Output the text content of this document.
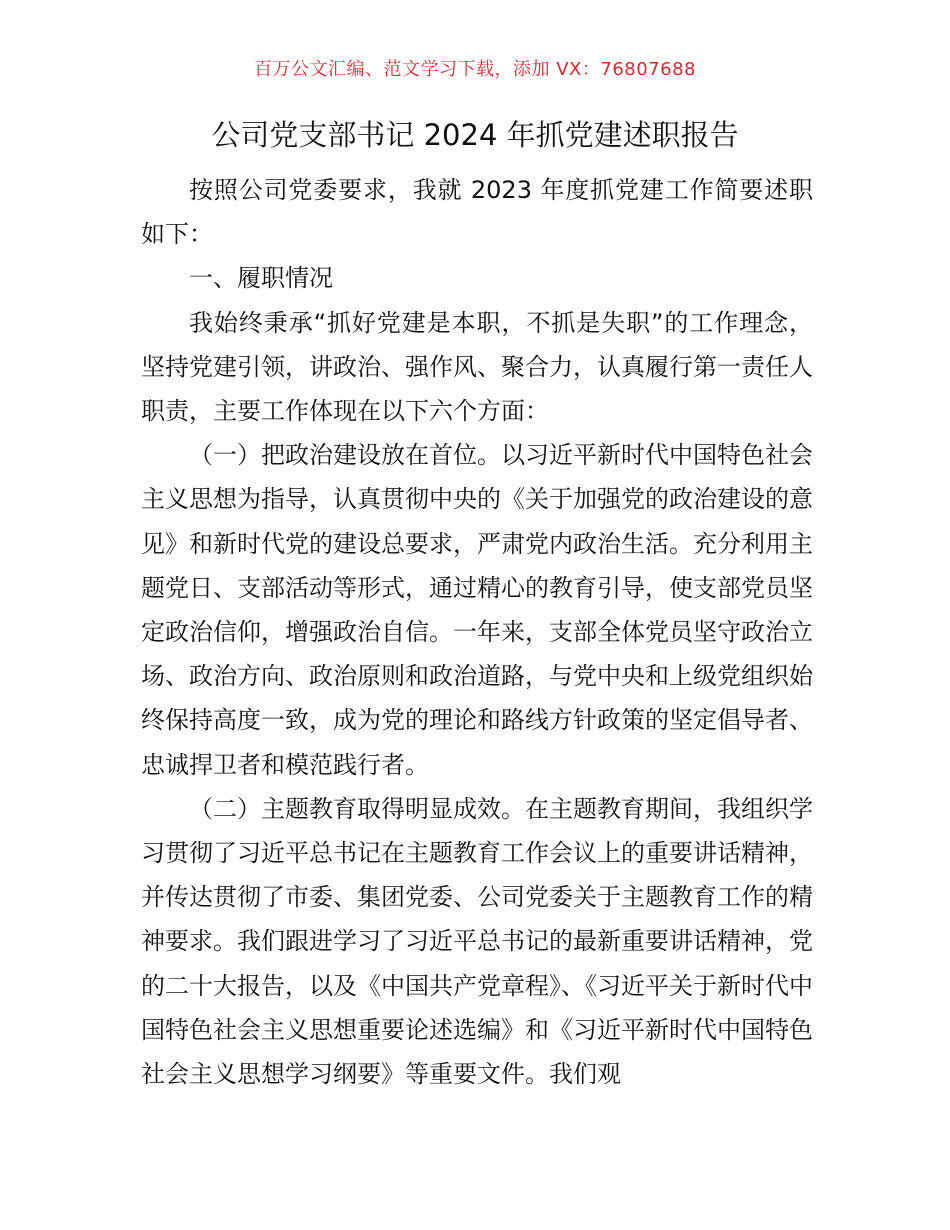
百万公文汇编、范文学习下载，添加 VX：76807688
公司党支部书记 2024 年抓党建述职报告

按照公司党委要求，我就 2023 年度抓党建工作简要述职如下：

一、履职情况

我始终秉承“抓好党建是本职，不抓是失职”的工作理念，坚持党建引领，讲政治、强作风、聚合力，认真履行第一责任人职责，主要工作体现在以下六个方面：

（一）把政治建设放在首位。以习近平新时代中国特色社会主义思想为指导，认真贯彻中央的《关于加强党的政治建设的意见》和新时代党的建设总要求，严肃党内政治生活。充分利用主题党日、支部活动等形式，通过精心的教育引导，使支部党员坚定政治信仰，增强政治自信。一年来，支部全体党员坚守政治立场、政治方向、政治原则和政治道路，与党中央和上级党组织始终保持高度一致，成为党的理论和路线方针政策的坚定倡导者、忠诚捍卫者和模范践行者。

（二）主题教育取得明显成效。在主题教育期间，我组织学习贯彻了习近平总书记在主题教育工作会议上的重要讲话精神，并传达贯彻了市委、集团党委、公司党委关于主题教育工作的精神要求。我们跟进学习了习近平总书记的最新重要讲话精神，党的二十大报告，以及《中国共产党章程》、《习近平关于新时代中国特色社会主义思想重要论述选编》和《习近平新时代中国特色社会主义思想学习纲要》等重要文件。我们观
